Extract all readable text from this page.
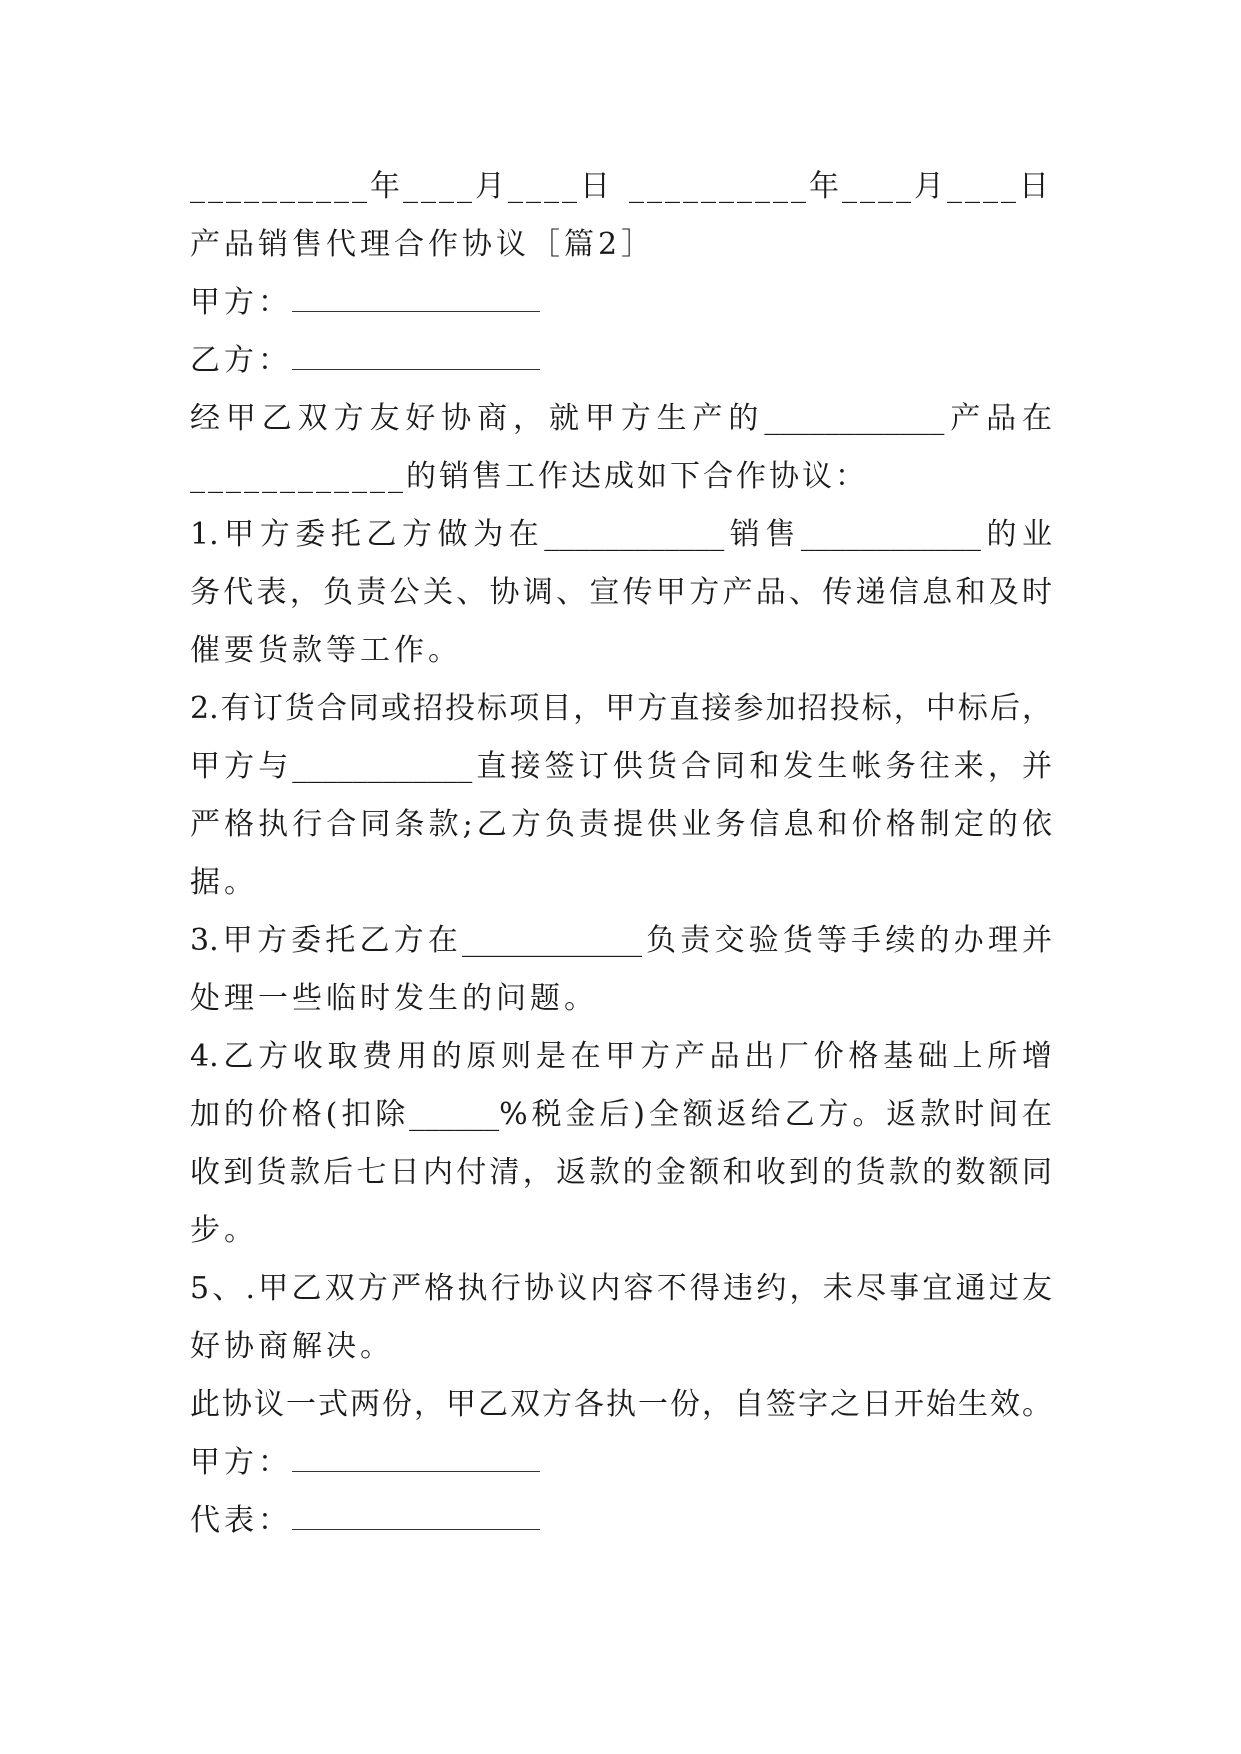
__________年____月____日 __________年____月____日
产品销售代理合作协议［篇2］
甲方：
乙方：
经甲乙双方友好协商，就甲方生产的____________产品在
____________的销售工作达成如下合作协议：
1.甲方委托乙方做为在____________销售____________的业
务代表，负责公关、协调、宣传甲方产品、传递信息和及时
催要货款等工作。
2.有订货合同或招投标项目，甲方直接参加招投标，中标后，
甲方与____________直接签订供货合同和发生帐务往来，并
严格执行合同条款;乙方负责提供业务信息和价格制定的依
据。
3.甲方委托乙方在____________负责交验货等手续的办理并
处理一些临时发生的问题。
4.乙方收取费用的原则是在甲方产品出厂价格基础上所增
加的价格(扣除______%税金后)全额返给乙方。返款时间在
收到货款后七日内付清，返款的金额和收到的货款的数额同
步。
5、.甲乙双方严格执行协议内容不得违约，未尽事宜通过友
好协商解决。
此协议一式两份，甲乙双方各执一份，自签字之日开始生效。
甲方：
代表：
